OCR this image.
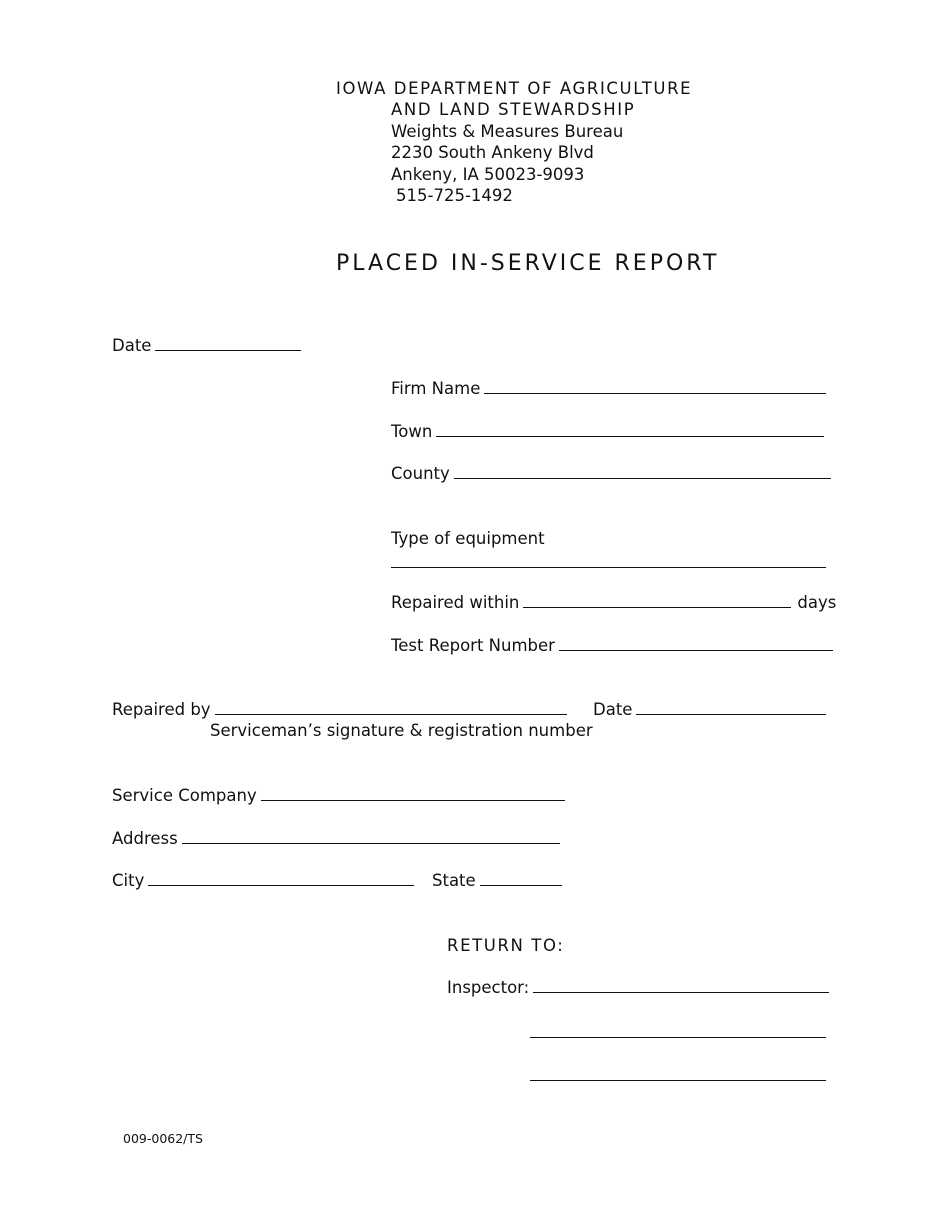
IOWA DEPARTMENT OF AGRICULTURE
AND LAND STEWARDSHIP
Weights & Measures Bureau
2230 South Ankeny Blvd
Ankeny, IA 50023-9093
515-725-1492
PLACED IN-SERVICE REPORT
Date
Firm Name
Town
County
Type of equipment
Repaired within	days
Test Report Number
Repaired by	Date
Serviceman’s signature & registration number
Service Company
Address
City	State
RETURN TO:
Inspector:
009-0062/TS
